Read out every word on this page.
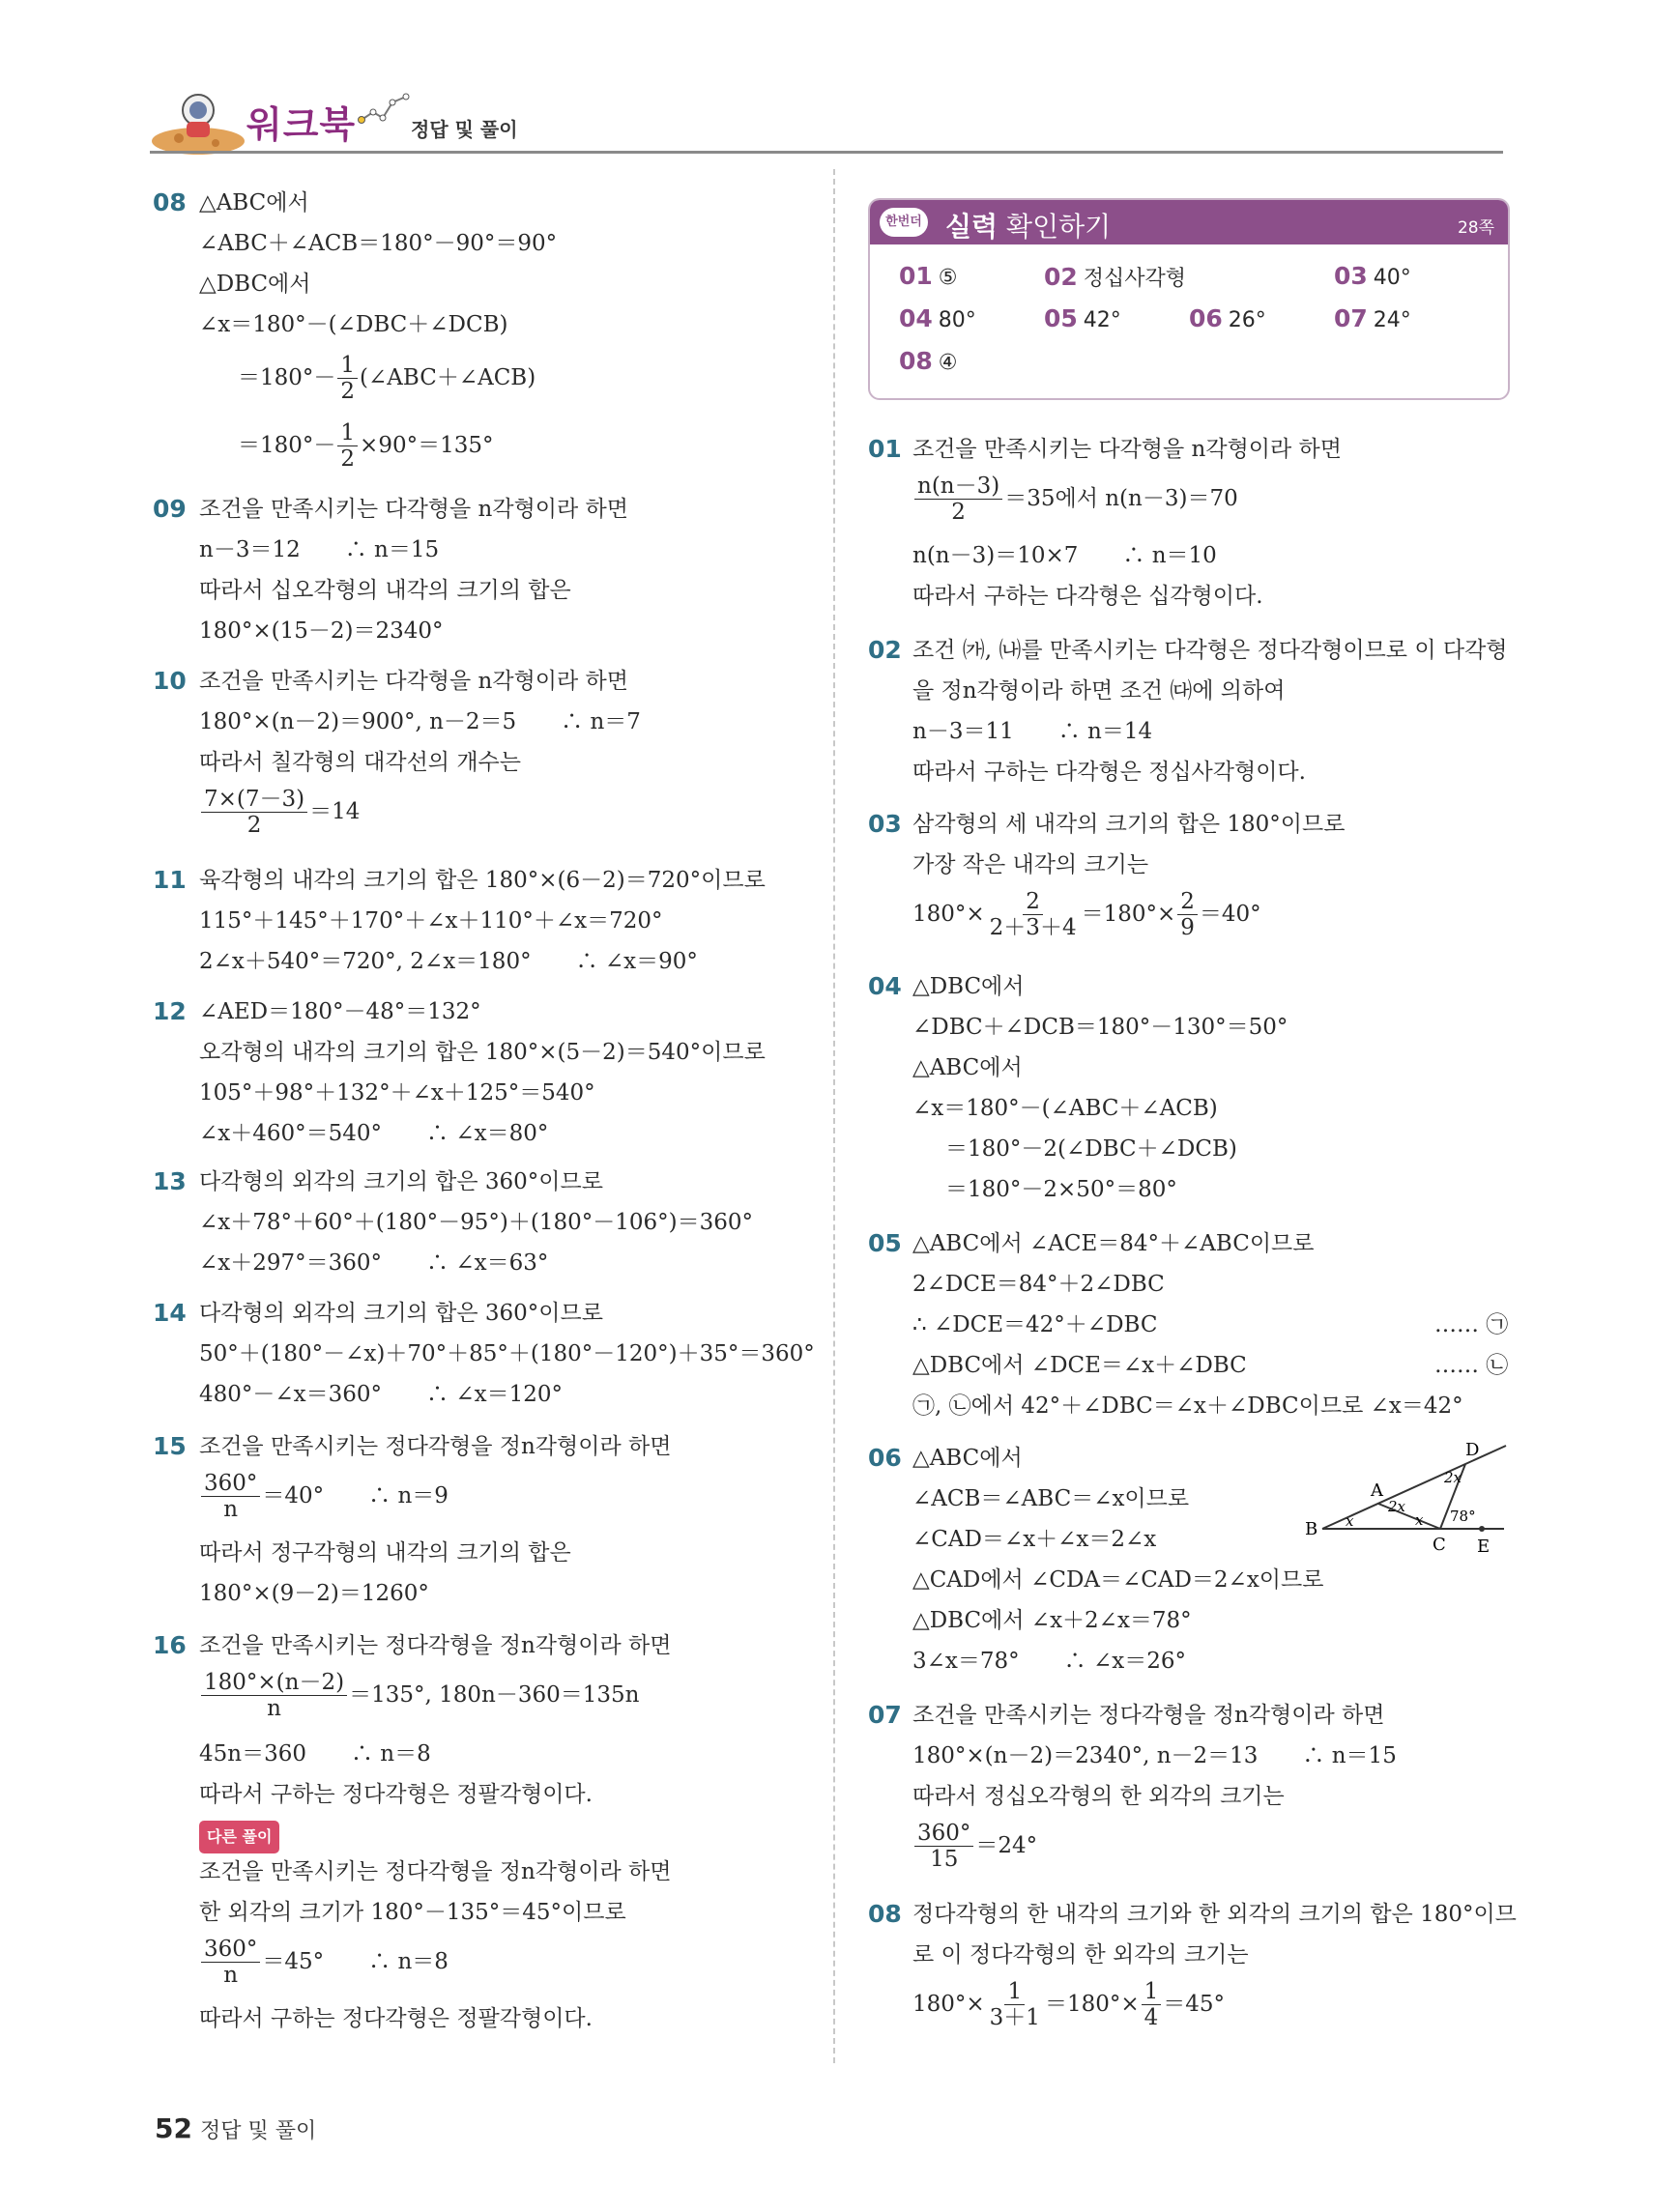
워크북	정답 및 풀이
08 △ABC에서
∠ABC＋∠ACB＝180°－90°＝90°
△DBC에서
∠x＝180°－(∠DBC＋∠DCB)
$=180^\circ- \frac{1}{2}$ (∠ABC＋∠ACB)
$=180^\circ- \frac{1}{2} \times 90^\circ=135^\circ$
09 조건을 만족시키는 다각형을 n각형이라 하면
n－3＝12　　∴ n＝15
따라서 십오각형의 내각의 크기의 합은
180°×(15－2)＝2340°
10 조건을 만족시키는 다각형을 n각형이라 하면
180°×(n－2)＝900°, n－2＝5　　∴ n＝7
따라서 칠각형의 대각선의 개수는
$\frac{7\times(7-3)}{2} =14$
11 육각형의 내각의 크기의 합은 180°×(6－2)＝720°이므로
115°＋145°＋170°＋∠x＋110°＋∠x＝720°
2∠x＋540°＝720°, 2∠x＝180°　　∴ ∠x＝90°
12 ∠AED＝180°－48°＝132°
오각형의 내각의 크기의 합은 180°×(5－2)＝540°이므로
105°＋98°＋132°＋∠x＋125°＝540°
∠x＋460°＝540°　　∴ ∠x＝80°
13 다각형의 외각의 크기의 합은 360°이므로
∠x＋78°＋60°＋(180°－95°)＋(180°－106°)＝360°
∠x＋297°＝360°　　∴ ∠x＝63°
14 다각형의 외각의 크기의 합은 360°이므로
50°＋(180°－∠x)＋70°＋85°＋(180°－120°)＋35°＝360°
480°－∠x＝360°　　∴ ∠x＝120°
15 조건을 만족시키는 정다각형을 정n각형이라 하면
$\frac{360^\circ}{n} =40^\circ$　　∴ n＝9
따라서 정구각형의 내각의 크기의 합은
180°×(9－2)＝1260°
16 조건을 만족시키는 정다각형을 정n각형이라 하면
$\frac{180^\circ\times(n-2)}{n} =135^\circ$, 180n－360＝135n
45n＝360　　∴ n＝8
따라서 구하는 정다각형은 정팔각형이다.
다른 풀이
조건을 만족시키는 정다각형을 정n각형이라 하면
한 외각의 크기가 180°－135°＝45°이므로
$\frac{360^\circ}{n} =45^\circ$　　∴ n＝8
따라서 구하는 정다각형은 정팔각형이다.
한번더 실력 확인하기	28쪽
01 ⑤	02 정십사각형	03 40°
04 80°	05 42°	06 26°	07 24°
08 ④
01 조건을 만족시키는 다각형을 n각형이라 하면
$\frac{n(n-3)}{2} =35$에서 n(n－3)＝70
n(n－3)＝10×7　　∴ n＝10
따라서 구하는 다각형은 십각형이다.
02 조건 ㈎, ㈏를 만족시키는 다각형은 정다각형이므로 이 다각형
을 정n각형이라 하면 조건 ㈐에 의하여
n－3＝11　　∴ n＝14
따라서 구하는 다각형은 정십사각형이다.
03 삼각형의 세 내각의 크기의 합은 180°이므로
가장 작은 내각의 크기는
$180^\circ\times \frac{2}{2+3+4} =180^\circ\times \frac{2}{9} =40^\circ$
04 △DBC에서
∠DBC＋∠DCB＝180°－130°＝50°
△ABC에서
∠x＝180°－(∠ABC＋∠ACB)
＝180°－2(∠DBC＋∠DCB)
＝180°－2×50°＝80°
05 △ABC에서 ∠ACE＝84°＋∠ABC이므로
2∠DCE＝84°＋2∠DBC
∴ ∠DCE＝42°＋∠DBC	…… ㉠
△DBC에서 ∠DCE＝∠x＋∠DBC	…… ㉡
㉠, ㉡에서 42°＋∠DBC＝∠x＋∠DBC이므로 ∠x＝42°
06 △ABC에서
∠ACB＝∠ABC＝∠x이므로
∠CAD＝∠x＋∠x＝2∠x
△CAD에서 ∠CDA＝∠CAD＝2∠x이므로
△DBC에서 ∠x＋2∠x＝78°
3∠x＝78°　　∴ ∠x＝26°
B
A
C
D
E
78°
x	x
2x
2x
07 조건을 만족시키는 정다각형을 정n각형이라 하면
180°×(n－2)＝2340°, n－2＝13　　∴ n＝15
따라서 정십오각형의 한 외각의 크기는
$\frac{360^\circ}{15} =24^\circ$
08 정다각형의 한 내각의 크기와 한 외각의 크기의 합은 180°이므
로 이 정다각형의 한 외각의 크기는
$180^\circ\times \frac{1}{3+1} =180^\circ\times \frac{1}{4} =45^\circ$
52 정답 및 풀이
